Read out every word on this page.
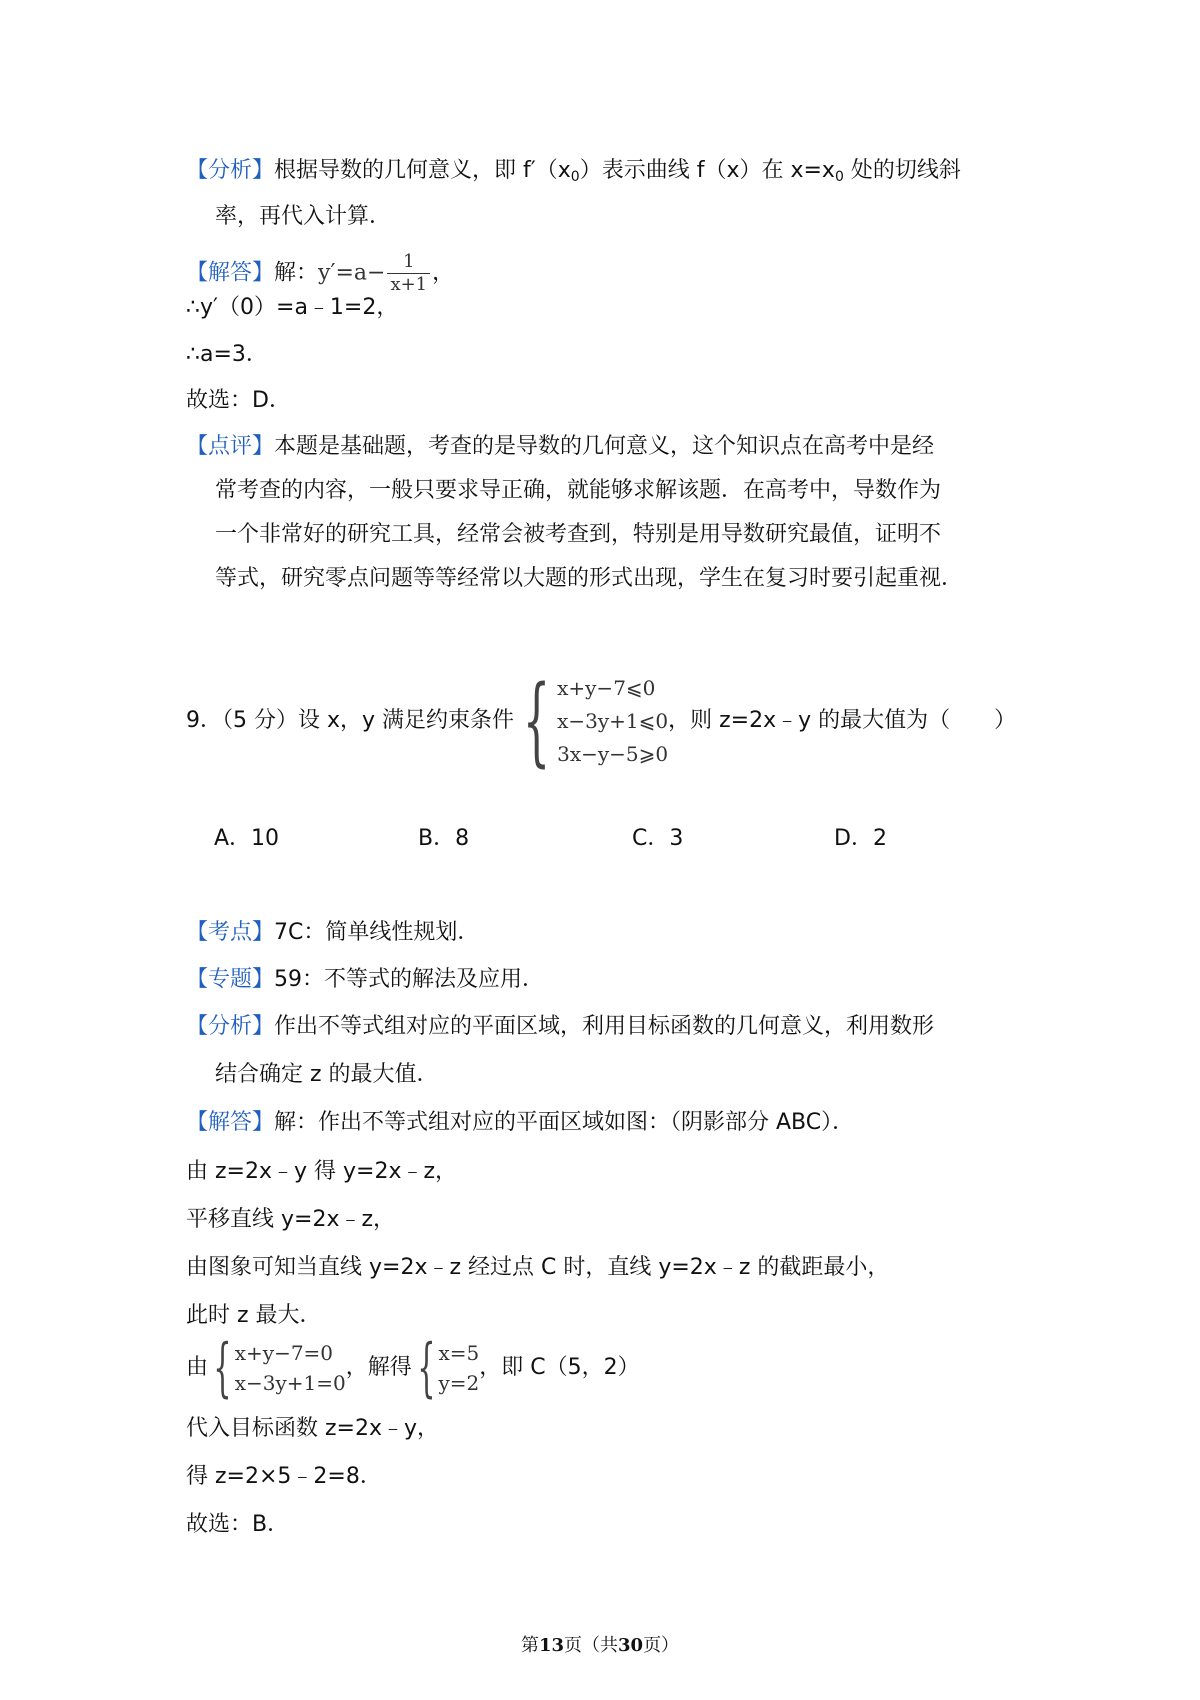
【分析】根据导数的几何意义，即 $f'(x_0)$表示曲线 f（x）在 $x=x_0$ 处的切线斜
率，再代入计算．
【解答】解：$y'=a- \frac{1}{x+1}$ ，
∴y′（0）=a﹣1=2，
∴a=3．
故选：D．
【点评】本题是基础题，考查的是导数的几何意义，这个知识点在高考中是经
常考查的内容，一般只要求导正确，就能够求解该题．在高考中，导数作为
一个非常好的研究工具，经常会被考查到，特别是用导数研究最值，证明不
等式，研究零点问题等等经常以大题的形式出现，学生在复习时要引起重视．
9．（5 分）设 x，y 满足约束条件 { x+y−7⩽0
x−3y+1⩽0
3x−y−5⩾0
，则 z=2x﹣y 的最大值为（　　）
A．10	B．8	C．3	D．2
【考点】7C：简单线性规划．
【专题】59：不等式的解法及应用．
【分析】作出不等式组对应的平面区域，利用目标函数的几何意义，利用数形
结合确定 z 的最大值．
【解答】解：作出不等式组对应的平面区域如图：（阴影部分 ABC）．
由 z=2x﹣y 得 y=2x﹣z，
平移直线 y=2x﹣z，
由图象可知当直线 y=2x﹣z 经过点 C 时，直线 y=2x﹣z 的截距最小，
此时 z 最大．
由 { x+y−7=0
x−3y+1=0
，解得 { x=5
y=2
，即 C（5，2）
代入目标函数 z=2x﹣y，
得 z=2×5﹣2=8．
故选：B．
第13页（共30页）
